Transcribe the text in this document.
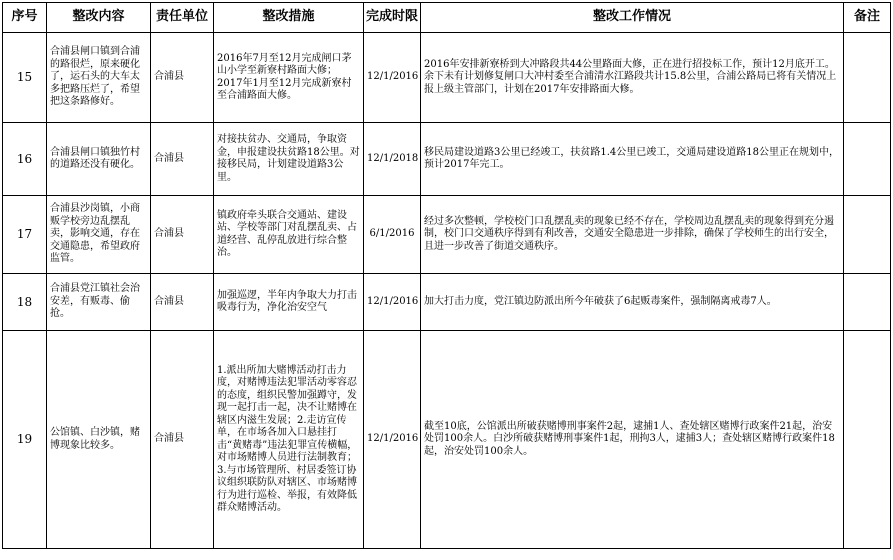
序号	整改内容	责任单位	整改措施	完成时限	整改工作情况	备注
15	合浦县闸口镇到合浦的路很烂，原来硬化了，运石头的大车太多把路压烂了，希望把这条路修好。	合浦县	2016年7月至12月完成闸口茅山小学至新寮村路面大修；2017年1月至12月完成新寮村至合浦路面大修。	12/1/2016	2016年安排新寮桥到大冲路段共44公里路面大修，正在进行招投标工作，预计12月底开工。余下未有计划修复闸口大冲村委至合浦清水江路段共计15.8公里，合浦公路局已将有关情况上报上级主管部门，计划在2017年安排路面大修。	
16	合浦县闸口镇独竹村的道路还没有硬化。	合浦县	对接扶贫办、交通局，争取资金，申报建设扶贫路18公里。对接移民局，计划建设道路3公里。	12/1/2018	移民局建设道路3公里已经竣工，扶贫路1.4公里已竣工，交通局建设道路18公里正在规划中，预计2017年完工。	
17	合浦县沙岗镇，小商贩学校旁边乱摆乱卖，影响交通，存在交通隐患，希望政府监管。	合浦县	镇政府牵头联合交通站、建设站、学校等部门对乱摆乱卖、占道经营、乱停乱放进行综合整治。	6/1/2016	经过多次整顿，学校校门口乱摆乱卖的现象已经不存在，学校周边乱摆乱卖的现象得到充分遏制，校门口交通秩序得到有利改善，交通安全隐患进一步排除，确保了学校师生的出行安全，且进一步改善了街道交通秩序。	
18	合浦县党江镇社会治安差，有贩毒、偷抢。	合浦县	加强巡逻，半年内争取大力打击吸毒行为，净化治安空气	12/1/2016	加大打击力度，党江镇边防派出所今年破获了6起贩毒案件，强制隔离戒毒7人。	
19	公馆镇、白沙镇，赌博现象比较多。	合浦县	1.派出所加大赌博活动打击力度，对赌博违法犯罪活动零容忍的态度，组织民警加强蹲守，发现一起打击一起，决不让赌博在辖区内滋生发展；2.走访宣传单，在市场各加入口悬挂打击“黄赌毒”违法犯罪宣传横幅，对市场赌博人员进行法制教育；3.与市场管理所、村居委签订协议组织联防队对辖区、市场赌博行为进行巡检、举报，有效降低群众赌博活动。	12/1/2016	截至10底，公馆派出所破获赌博刑事案件2起，逮捕1人、查处辖区赌博行政案件21起，治安处罚100余人。白沙所破获赌博刑事案件1起，刑拘3人，逮捕3人；查处辖区赌博行政案件18起，治安处罚100余人。	
